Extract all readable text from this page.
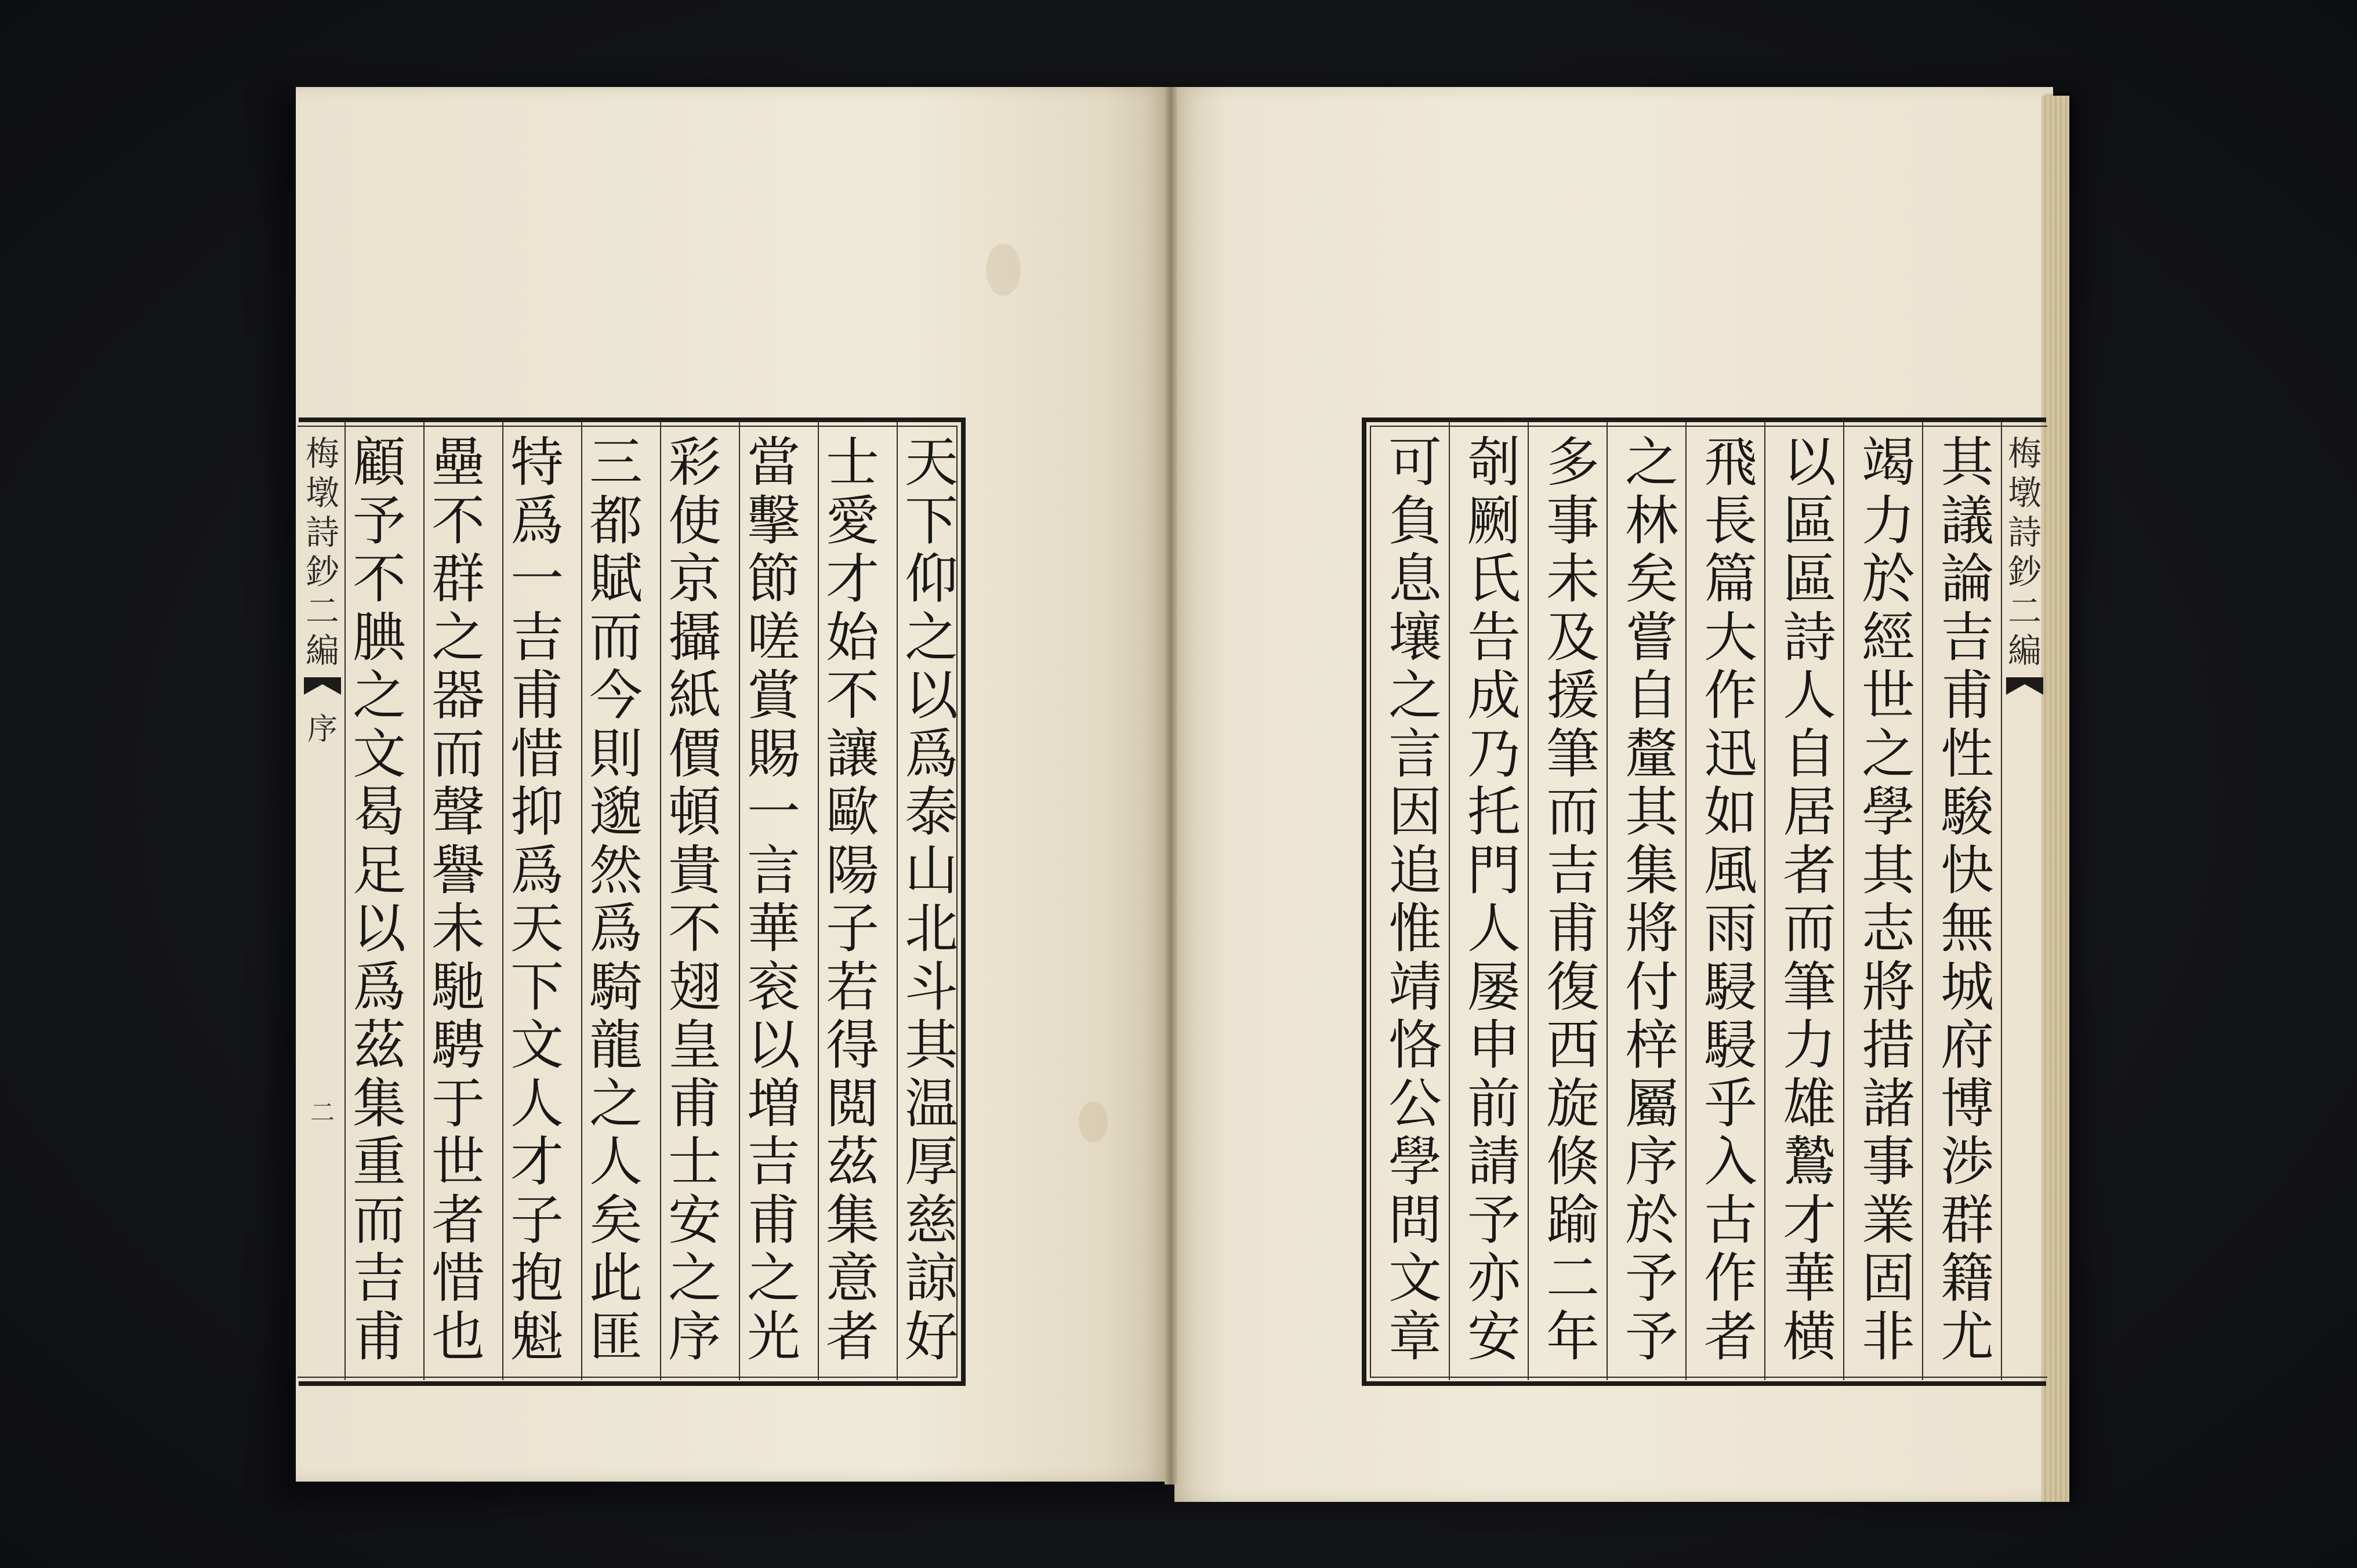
梅墩詩鈔二編
序
二
天
下
仰
之
以
爲
泰
山
北
斗
其
温
厚
慈
諒
好
士
愛
才
始
不
讓
歐
陽
子
若
得
閲
茲
集
意
者
當
擊
節
嗟
賞
賜
一
言
華
衮
以
増
吉
甫
之
光
彩
使
京
攝
紙
價
頓
貴
不
翅
皇
甫
士
安
之
序
三
都
賦
而
今
則
邈
然
爲
騎
龍
之
人
矣
此
匪
特
爲
一
吉
甫
惜
抑
爲
天
下
文
人
才
子
抱
魁
壘
不
群
之
器
而
聲
譽
未
馳
騁
于
世
者
惜
也
顧
予
不
腆
之
文
曷
足
以
爲
茲
集
重
而
吉
甫
梅墩詩鈔二編
其
議
論
吉
甫
性
駿
快
無
城
府
博
渉
群
籍
尤
竭
力
於
經
世
之
學
其
志
將
措
諸
事
業
固
非
以
區
區
詩
人
自
居
者
而
筆
力
雄
鷙
才
華
横
飛
長
篇
大
作
迅
如
風
雨
駸
駸
乎
入
古
作
者
之
林
矣
嘗
自
釐
其
集
將
付
梓
屬
序
於
予
予
多
事
未
及
援
筆
而
吉
甫
復
西
旋
倏
踰
二
年
剞
劂
氏
告
成
乃
托
門
人
屡
申
前
請
予
亦
安
可
負
息
壤
之
言
因
追
惟
靖
恪
公
學
問
文
章
